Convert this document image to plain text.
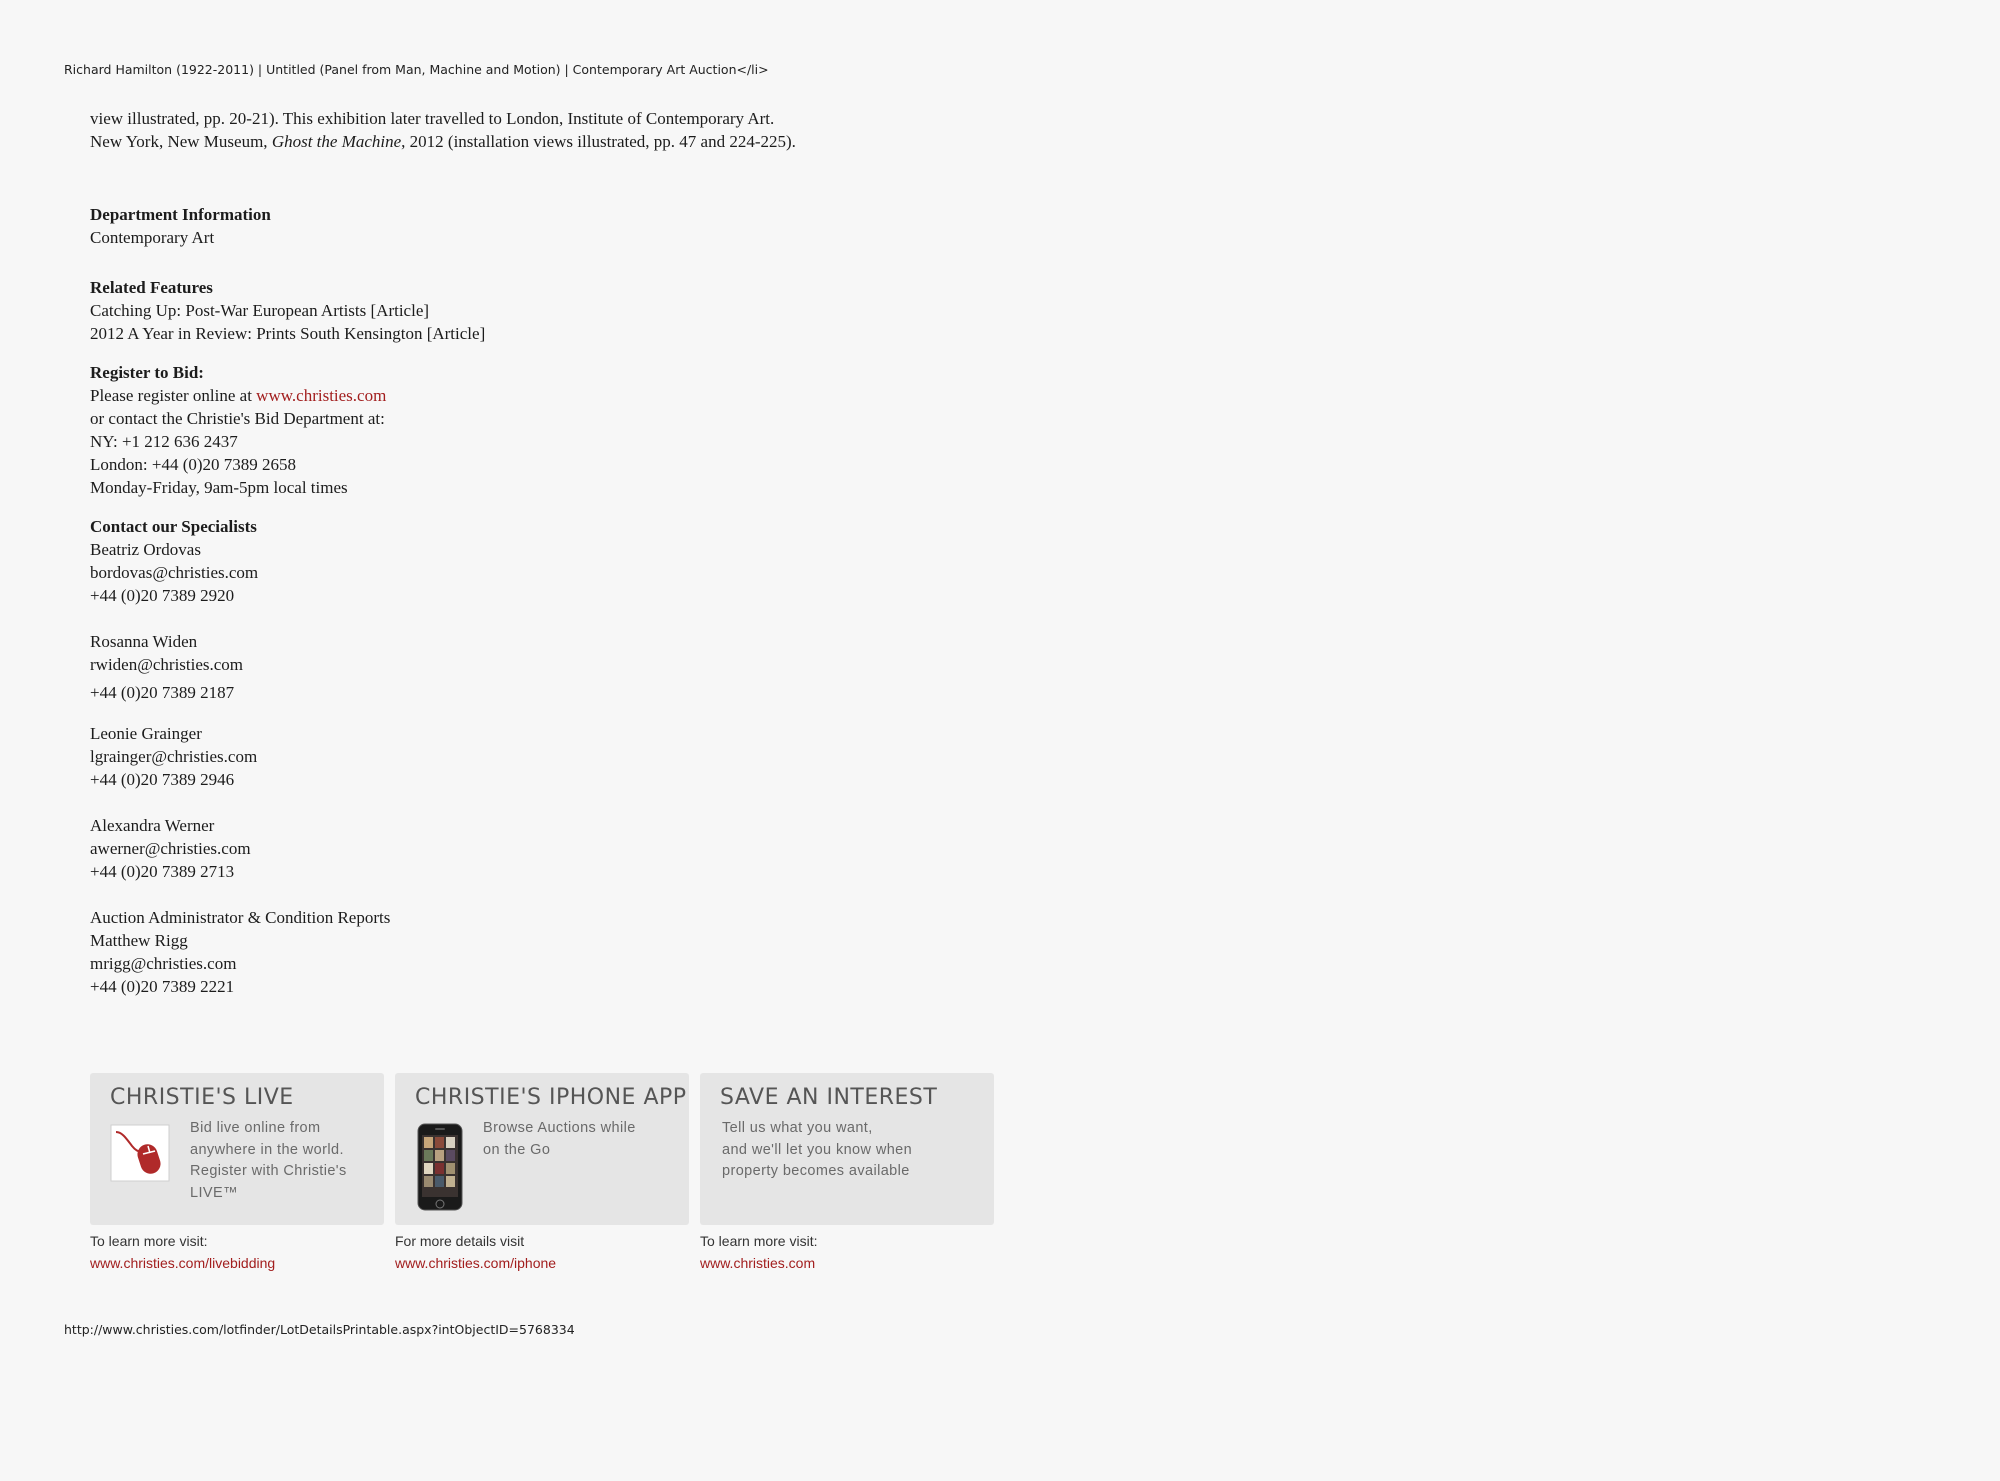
Richard Hamilton (1922-2011) | Untitled (Panel from Man, Machine and Motion) | Contemporary Art Auction</li>
view illustrated, pp. 20-21). This exhibition later travelled to London, Institute of Contemporary Art.
New York, New Museum, Ghost the Machine, 2012 (installation views illustrated, pp. 47 and 224-225).
Department Information
Contemporary Art
Related Features
Catching Up: Post-War European Artists [Article]
2012 A Year in Review: Prints South Kensington [Article]
Register to Bid:
Please register online at www.christies.com
or contact the Christie's Bid Department at:
NY: +1 212 636 2437
London: +44 (0)20 7389 2658
Monday-Friday, 9am-5pm local times
Contact our Specialists
Beatriz Ordovas
bordovas@christies.com
+44 (0)20 7389 2920
Rosanna Widen
rwiden@christies.com
+44 (0)20 7389 2187
Leonie Grainger
lgrainger@christies.com
+44 (0)20 7389 2946
Alexandra Werner
awerner@christies.com
+44 (0)20 7389 2713
Auction Administrator & Condition Reports
Matthew Rigg
mrigg@christies.com
+44 (0)20 7389 2221
CHRISTIE'S LIVE
Bid live online from
anywhere in the world.
Register with Christie's
LIVE™
To learn more visit:
www.christies.com/livebidding
CHRISTIE'S IPHONE APP
Browse Auctions while
on the Go
For more details visit
www.christies.com/iphone
SAVE AN INTEREST
Tell us what you want,
and we'll let you know when
property becomes available
To learn more visit:
www.christies.com
http://www.christies.com/lotfinder/LotDetailsPrintable.aspx?intObjectID=5768334
